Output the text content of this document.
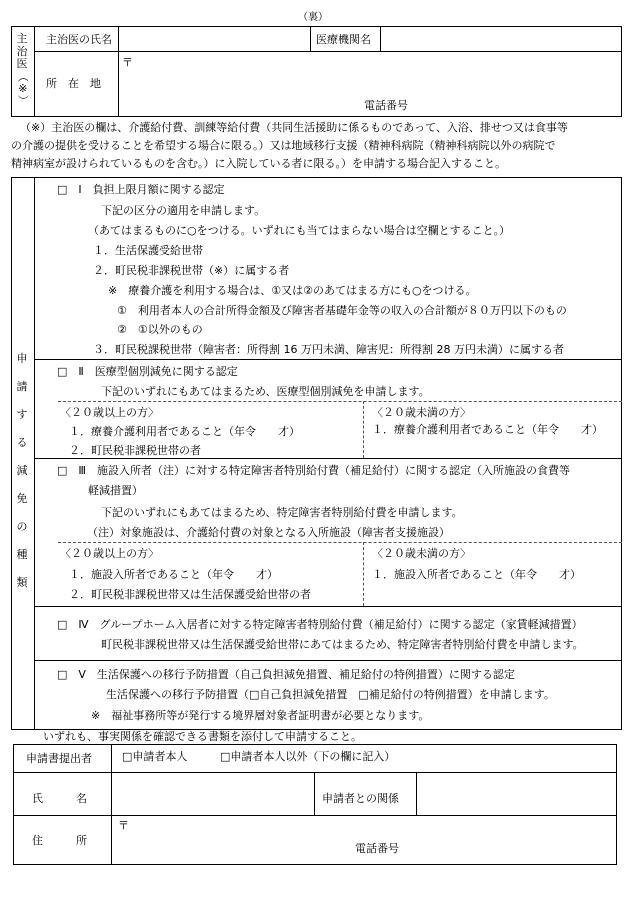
（裏）
主
治
医
（※）
主治医の氏名	医療機関名
所　在　地
〒
電話番号
（※）主治医の欄は、介護給付費、訓練等給付費（共同生活援助に係るものであって、入浴、排せつ又は食事等
の介護の提供を受けることを希望する場合に限る。）又は地域移行支援（精神科病院（精神科病院以外の病院で
精神病室が設けられているものを含む。）に入院している者に限る。）を申請する場合記入すること。
申
請
す
る
減
免
の
種
類
□　Ⅰ　負担上限月額に関する認定
下記の区分の適用を申請します。
（あてはまるものに○をつける。いずれにも当てはまらない場合は空欄とすること。）
１．生活保護受給世帯
２．町民税非課税世帯（※）に属する者
※　療養介護を利用する場合は、①又は②のあてはまる方にも○をつける。
①　利用者本人の合計所得金額及び障害者基礎年金等の収入の合計額が８０万円以下のもの
②　①以外のもの
３．町民税課税世帯（障害者：所得割 16 万円未満、障害児：所得割 28 万円未満）に属する者
□　Ⅱ　医療型個別減免に関する認定
下記のいずれにもあてはまるため、医療型個別減免を申請します。
〈２０歳以上の方〉
１．療養介護利用者であること（年令　　才）
２．町民税非課税世帯の者
〈２０歳未満の方〉
１．療養介護利用者であること（年令　　才）
□　Ⅲ　施設入所者（注）に対する特定障害者特別給付費（補足給付）に関する認定（入所施設の食費等
軽減措置）
下記のいずれにもあてはまるため、特定障害者特別給付費を申請します。
（注）対象施設は、介護給付費の対象となる入所施設（障害者支援施設）
〈２０歳以上の方〉
１．施設入所者であること（年令　　才）
２．町民税非課税世帯又は生活保護受給世帯の者
〈２０歳未満の方〉
１．施設入所者であること（年令　　才）
□　Ⅳ　グループホーム入居者に対する特定障害者特別給付費（補足給付）に関する認定（家賃軽減措置）
町民税非課税世帯又は生活保護受給世帯にあてはまるため、特定障害者特別給付費を申請します。
□　Ⅴ　生活保護への移行予防措置（自己負担減免措置、補足給付の特例措置）に関する認定
生活保護への移行予防措置（□自己負担減免措置　□補足給付の特例措置）を申請します。
※　福祉事務所等が発行する境界層対象者証明書が必要となります。
いずれも、事実関係を確認できる書類を添付して申請すること。
申請書提出者	□申請者本人	□申請者本人以外（下の欄に記入）
氏　　　名	申請者との関係
住　　　所
〒
電話番号
